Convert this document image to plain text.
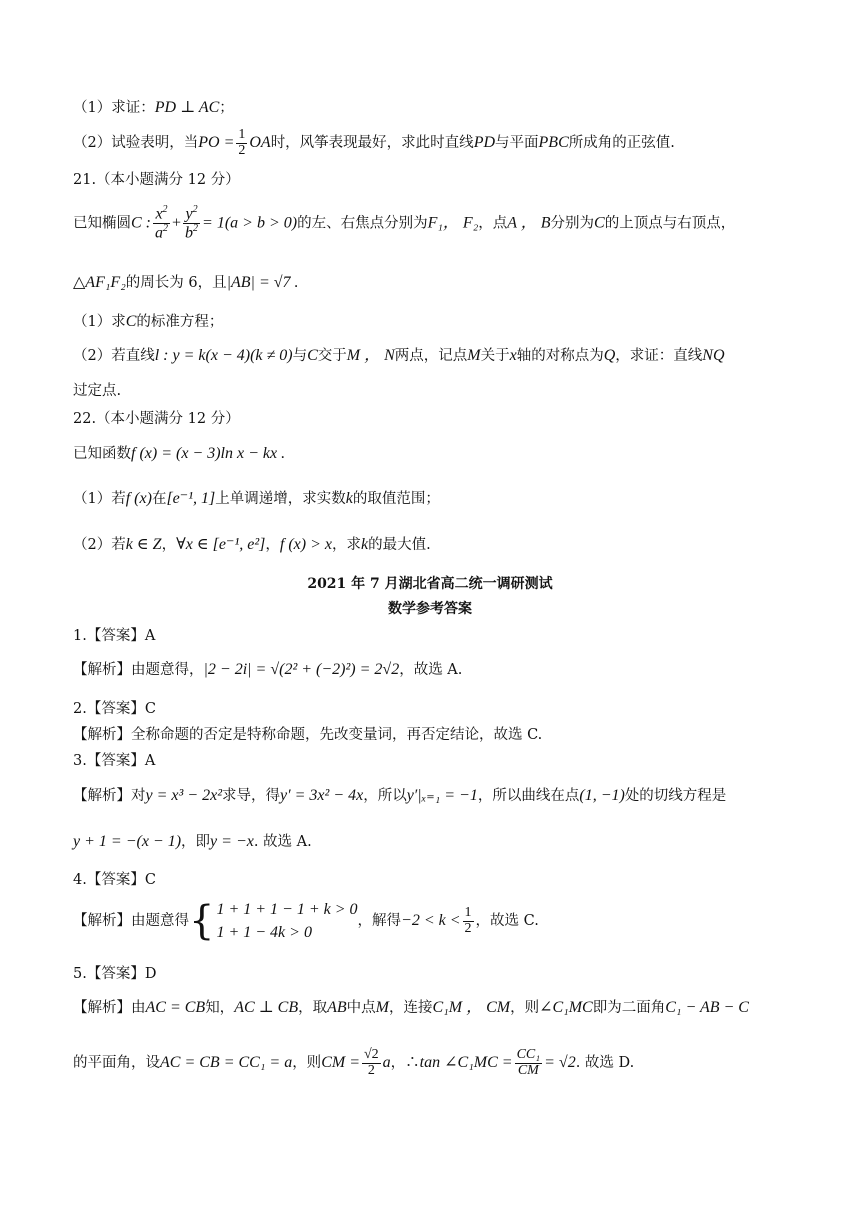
（1）求证：PD ⊥ AC；
（2）试验表明，当PO = $\frac{1}{2}$ OA时，风筝表现最好，求此时直线PD与平面PBC所成角的正弦值.
21.（本小题满分 12 分）
已知椭圆C : $\frac{x^2}{a^2} + \frac{y^2}{b^2} = 1(a > b > 0)$的左、右焦点分别为F₁， F₂，点A ， B分别为C的上顶点与右顶点，
△AF₁F₂的周长为 6，且|AB| = √7 .
（1）求C的标准方程；
（2）若直线l : y = k(x − 4)(k ≠ 0)与C交于M ， N两点，记点M关于x轴的对称点为Q，求证：直线NQ
过定点.
22.（本小题满分 12 分）
已知函数f (x) = (x − 3)ln x − kx .
（1）若f (x)在[e⁻¹, 1]上单调递增，求实数k的取值范围；
（2）若k ∈ Z，∀x ∈ [e⁻¹, e²]，f (x) > x，求k的最大值.
2021 年 7 月湖北省高二统一调研测试
数学参考答案
1.【答案】A
【解析】由题意得，|2 − 2i| = √(2² + (−2)²) = 2√2，故选 A.
2.【答案】C
【解析】全称命题的否定是特称命题，先改变量词，再否定结论，故选 C.
3.【答案】A
【解析】对y = x³ − 2x²求导，得y′ = 3x² − 4x，所以y′|ₓ₌₁ = −1，所以曲线在点(1, −1)处的切线方程是
y + 1 = −(x − 1)，即y = −x. 故选 A.
4.【答案】C
【解析】由题意得{ 1 + 1 + 1 − 1 + k > 0
1 + 1 − 4k > 0
，解得$-2 < k < \frac{1}{2}$ ，故选 C.
5.【答案】D
【解析】由AC = CB知，AC ⊥ CB，取AB中点M，连接C₁M ， CM，则∠C₁MC即为二面角C₁ − AB − C
的平面角，设AC = CB = CC₁ = a，则CM = $\frac{√2}{2}$ a，∴tan ∠C₁MC = $\frac{\text{CC₁}}{CM} = √2$. 故选 D.
